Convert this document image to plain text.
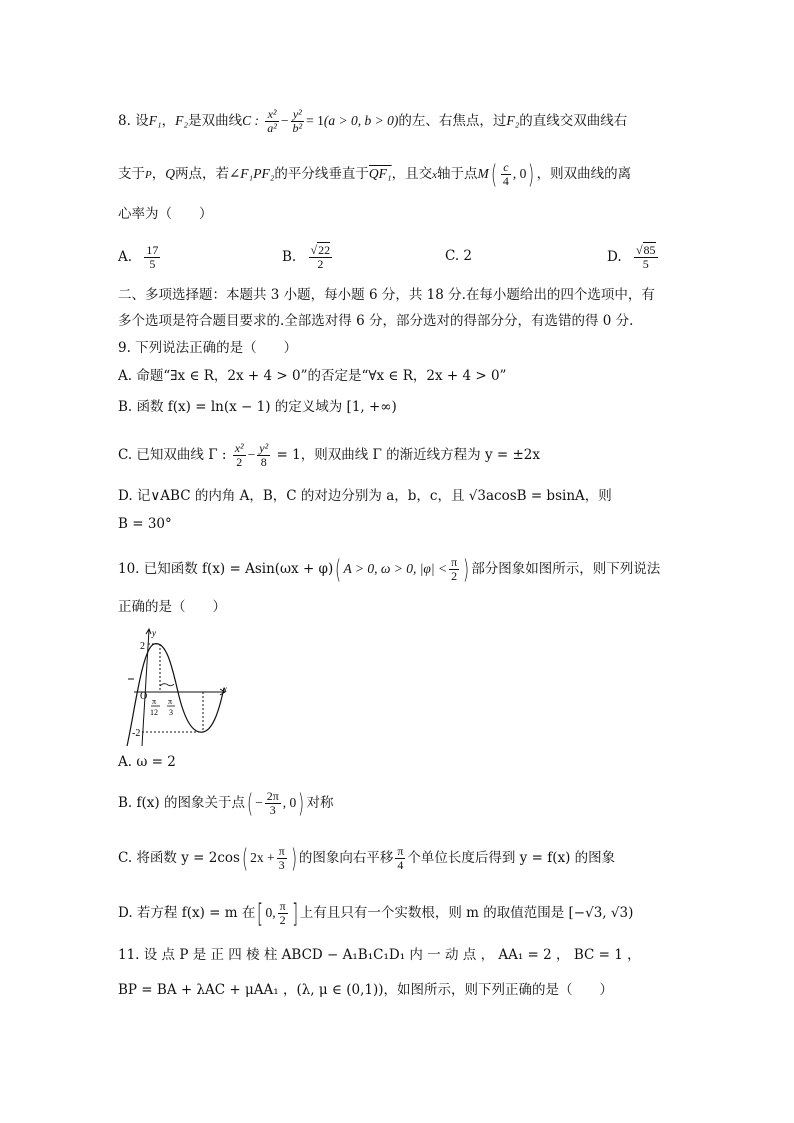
8. 设F₁，F₂是双曲线C : $\frac{\text{x²}}{\text{a²}} - \frac{\text{y²}}{\text{b²}} = 1(a > 0$, b > 0)的左、右焦点，过F₂的直线交双曲线右
支于P，Q两点，若∠F₁PF₂的平分线垂直于QF₁，且交x轴于点$M( \frac{c}{4}$ , 0) ，则双曲线的离
心率为（　　）
A. $\frac{17}{5}$	B. $\frac{√22}{2}$	C. 2	D. $\frac{√85}{5}$
二、多项选择题：本题共 3 小题，每小题 6 分，共 18 分.在每小题给出的四个选项中，有
多个选项是符合题目要求的.全部选对得 6 分，部分选对的得部分分，有选错的得 0 分.
9. 下列说法正确的是（　　）
A. 命题“∃x ∈ R，2x + 4 > 0”的否定是“∀x ∈ R，2x + 4 > 0”
B. 函数 f(x) = ln(x − 1) 的定义域为 [1, +∞)
C. 已知双曲线 Γ : $\frac{\text{x²}}{2} - \frac{\text{y²}}{8} = 1$，则双曲线 Γ 的渐近线方程为 y = ±2x
D. 记∨ABC 的内角 A，B，C 的对边分别为 a，b，c，且 √3acosB = bsinA，则
B = 30°
10. 已知函数 f(x) = Asin(ωx + φ)( A > 0, ω > 0, $|\varphi| < \frac{\pi}{2}$ ) 部分图象如图所示，则下列说法
正确的是（　　）
y
x
2
-2
O π
12
π
3
A. ω = 2
B. f(x) 的图象关于点( − $\frac{2\pi}{3}$ , 0) 对称
C. 将函数 y = 2cos( $2x + \frac{\pi}{3}$ ) 的图象向右平移 $\frac{\pi}{4}$ 个单位长度后得到 y = f(x) 的图象
D. 若方程 f(x) = m 在[ 0, $\frac{\pi}{2}$ ] 上有且只有一个实数根，则 m 的取值范围是 [−√3, √3)
11. 设 点 P 是 正 四 棱 柱 ABCD − A₁B₁C₁D₁ 内 一 动 点 ， AA₁ = 2 ， BC = 1 ，
BP = BA + λAC + μAA₁ ，(λ, μ ∈ (0,1))，如图所示，则下列正确的是（　　）
